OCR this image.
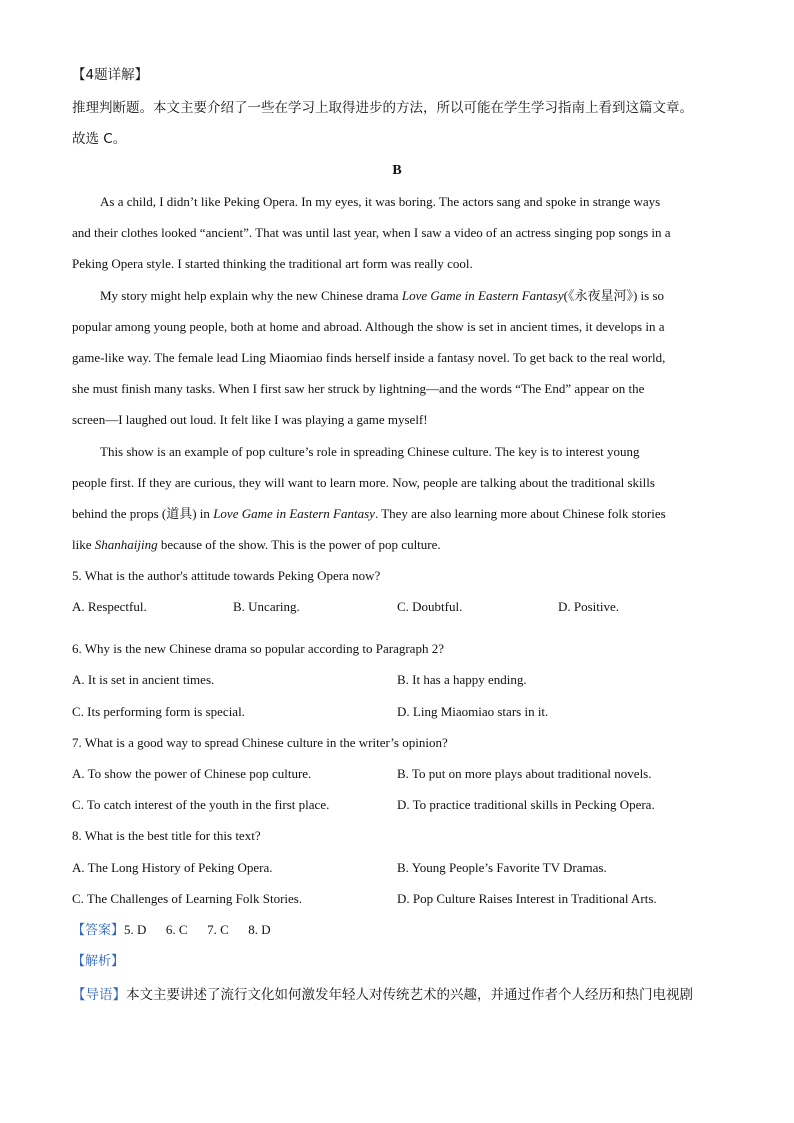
【4题详解】
推理判断题。本文主要介绍了一些在学习上取得进步的方法，所以可能在学生学习指南上看到这篇文章。
故选 C。
B
As a child, I didn’t like Peking Opera. In my eyes, it was boring. The actors sang and spoke in strange ways
and their clothes looked “ancient”. That was until last year, when I saw a video of an actress singing pop songs in a
Peking Opera style. I started thinking the traditional art form was really cool.
My story might help explain why the new Chinese drama Love Game in Eastern Fantasy(《永夜星河》) is so
popular among young people, both at home and abroad. Although the show is set in ancient times, it develops in a
game-like way. The female lead Ling Miaomiao finds herself inside a fantasy novel. To get back to the real world,
she must finish many tasks. When I first saw her struck by lightning—and the words “The End” appear on the
screen—I laughed out loud. It felt like I was playing a game myself!
This show is an example of pop culture’s role in spreading Chinese culture. The key is to interest young
people first. If they are curious, they will want to learn more. Now, people are talking about the traditional skills
behind the props (道具) in Love Game in Eastern Fantasy. They are also learning more about Chinese folk stories
like Shanhaijing because of the show. This is the power of pop culture.
5. What is the author's attitude towards Peking Opera now?
A. Respectful.	B. Uncaring.	C. Doubtful.	D. Positive.
6. Why is the new Chinese drama so popular according to Paragraph 2?
A. It is set in ancient times.	B. It has a happy ending.
C. Its performing form is special.	D. Ling Miaomiao stars in it.
7. What is a good way to spread Chinese culture in the writer’s opinion?
A. To show the power of Chinese pop culture.	B. To put on more plays about traditional novels.
C. To catch interest of the youth in the first place.	D. To practice traditional skills in Pecking Opera.
8. What is the best title for this text?
A. The Long History of Peking Opera.	B. Young People’s Favorite TV Dramas.
C. The Challenges of Learning Folk Stories.	D. Pop Culture Raises Interest in Traditional Arts.
【答案】5. D      6. C      7. C      8. D
【解析】
【导语】本文主要讲述了流行文化如何激发年轻人对传统艺术的兴趣，并通过作者个人经历和热门电视剧
